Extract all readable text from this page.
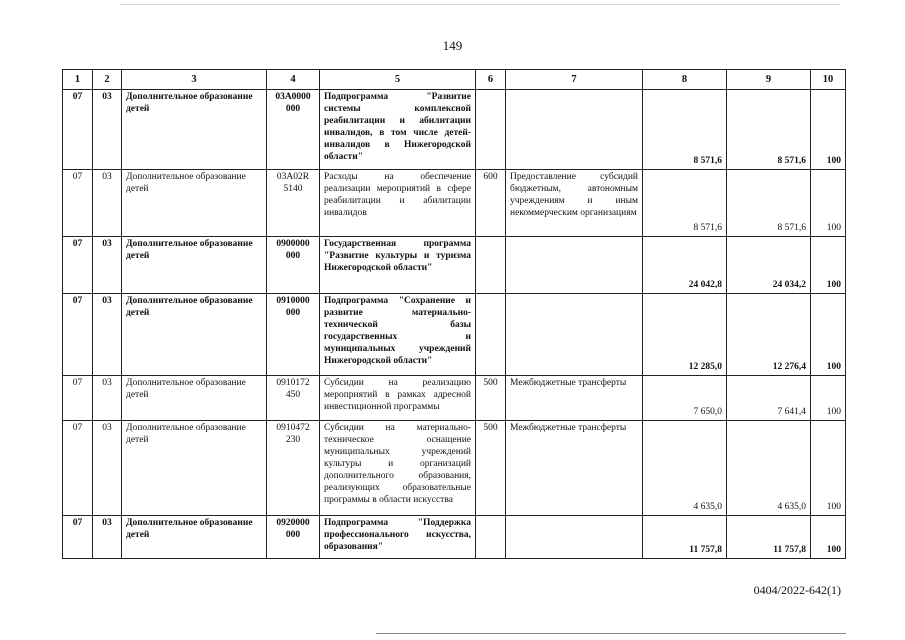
149
1	2	3	4	5	6	7	8	9	10
07	03	Дополнительное образование детей	03А0000 000	Подпрограмма "Развитие системы комплексной реабилитации и абилитации инвалидов, в том числе детей-инвалидов в Нижегородской области"			8 571,6	8 571,6	100
07	03	Дополнительное образование детей	03А02R 5140	Расходы на обеспечение реализации мероприятий в сфере реабилитации и абилитации инвалидов	600	Предоставление субсидий бюджетным, автономным учреждениям и иным некоммерческим организациям	8 571,6	8 571,6	100
07	03	Дополнительное образование детей	0900000 000	Государственная программа "Развитие культуры и туризма Нижегородской области"			24 042,8	24 034,2	100
07	03	Дополнительное образование детей	0910000 000	Подпрограмма "Сохранение и развитие материально-технической базы государственных и муниципальных учреждений Нижегородской области"			12 285,0	12 276,4	100
07	03	Дополнительное образование детей	0910172 450	Субсидии на реализацию мероприятий в рамках адресной инвестиционной программы	500	Межбюджетные трансферты	7 650,0	7 641,4	100
07	03	Дополнительное образование детей	0910472 230	Субсидии на материально-техническое оснащение муниципальных учреждений культуры и организаций дополнительного образования, реализующих образовательные программы в области искусства	500	Межбюджетные трансферты	4 635,0	4 635,0	100
07	03	Дополнительное образование детей	0920000 000	Подпрограмма "Поддержка профессионального искусства, образования"			11 757,8	11 757,8	100
0404/2022-642(1)
